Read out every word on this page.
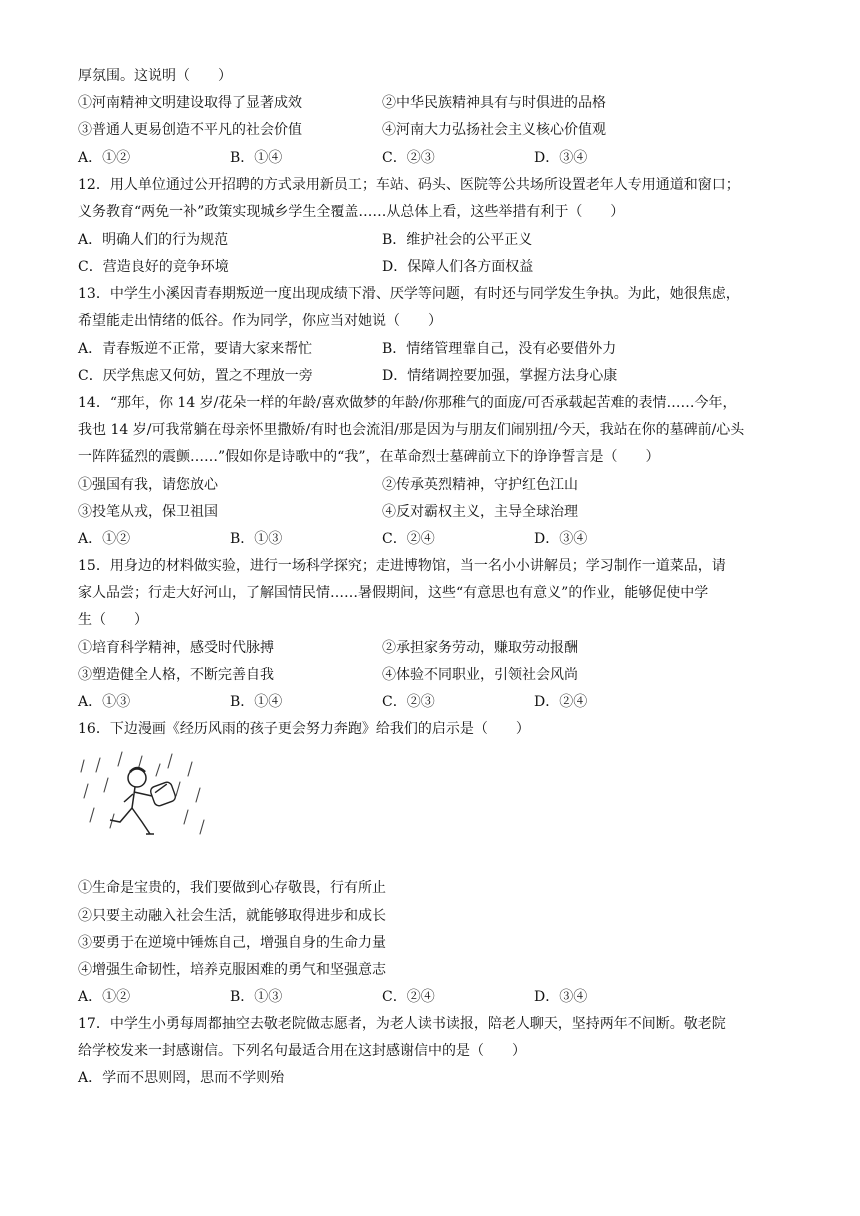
厚氛围。这说明（　　）
①河南精神文明建设取得了显著成效	②中华民族精神具有与时俱进的品格
③普通人更易创造不平凡的社会价值	④河南大力弘扬社会主义核心价值观
A．①②	B．①④	C．②③	D．③④
12．用人单位通过公开招聘的方式录用新员工；车站、码头、医院等公共场所设置老年人专用通道和窗口；
义务教育“两免一补”政策实现城乡学生全覆盖……从总体上看，这些举措有利于（　　）
A．明确人们的行为规范	B．维护社会的公平正义
C．营造良好的竞争环境	D．保障人们各方面权益
13．中学生小溪因青春期叛逆一度出现成绩下滑、厌学等问题，有时还与同学发生争执。为此，她很焦虑，
希望能走出情绪的低谷。作为同学，你应当对她说（　　）
A．青春叛逆不正常，要请大家来帮忙	B．情绪管理靠自己，没有必要借外力
C．厌学焦虑又何妨，置之不理放一旁	D．情绪调控要加强，掌握方法身心康
14．“那年，你 14 岁/花朵一样的年龄/喜欢做梦的年龄/你那稚气的面庞/可否承载起苦难的表情……今年，
我也 14 岁/可我常躺在母亲怀里撒娇/有时也会流泪/那是因为与朋友们闹别扭/今天，我站在你的墓碑前/心头
一阵阵猛烈的震颤……”假如你是诗歌中的“我”，在革命烈士墓碑前立下的诤诤誓言是（　　）
①强国有我，请您放心	②传承英烈精神，守护红色江山
③投笔从戎，保卫祖国	④反对霸权主义，主导全球治理
A．①②	B．①③	C．②④	D．③④
15．用身边的材料做实验，进行一场科学探究；走进博物馆，当一名小小讲解员；学习制作一道菜品，请
家人品尝；行走大好河山，了解国情民情……暑假期间，这些“有意思也有意义”的作业，能够促使中学
生（　　）
①培育科学精神，感受时代脉搏	②承担家务劳动，赚取劳动报酬
③塑造健全人格，不断完善自我	④体验不同职业，引领社会风尚
A．①③	B．①④	C．②③	D．②④
16．下边漫画《经历风雨的孩子更会努力奔跑》给我们的启示是（　　）
①生命是宝贵的，我们要做到心存敬畏，行有所止
②只要主动融入社会生活，就能够取得进步和成长
③要勇于在逆境中锤炼自己，增强自身的生命力量
④增强生命韧性，培养克服困难的勇气和坚强意志
A．①②	B．①③	C．②④	D．③④
17．中学生小勇每周都抽空去敬老院做志愿者，为老人读书读报，陪老人聊天，坚持两年不间断。敬老院
给学校发来一封感谢信。下列名句最适合用在这封感谢信中的是（　　）
A．学而不思则罔，思而不学则殆
